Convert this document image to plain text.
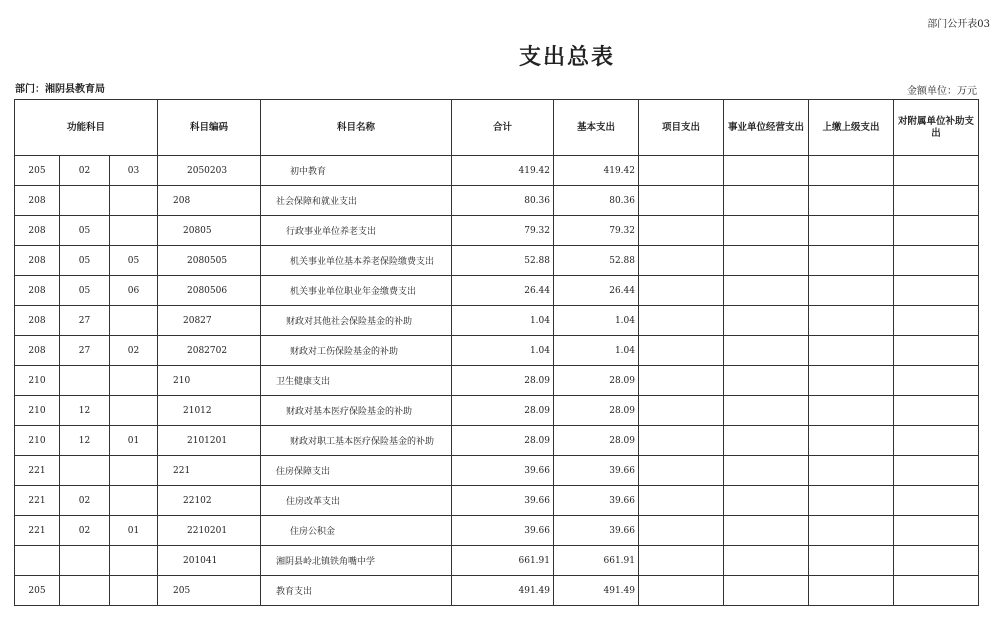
部门公开表03
支出总表
部门：湘阴县教育局	金额单位：万元
功能科目			科目编码	科目名称	合计	基本支出	项目支出	事业单位经营支出	上缴上级支出	对附属单位补助支出
205	02	03	2050203	初中教育	419.42	419.42				
208			208	社会保障和就业支出	80.36	80.36				
208	05		20805	行政事业单位养老支出	79.32	79.32				
208	05	05	2080505	机关事业单位基本养老保险缴费支出	52.88	52.88				
208	05	06	2080506	机关事业单位职业年金缴费支出	26.44	26.44				
208	27		20827	财政对其他社会保险基金的补助	1.04	1.04				
208	27	02	2082702	财政对工伤保险基金的补助	1.04	1.04				
210			210	卫生健康支出	28.09	28.09				
210	12		21012	财政对基本医疗保险基金的补助	28.09	28.09				
210	12	01	2101201	财政对职工基本医疗保险基金的补助	28.09	28.09				
221			221	住房保障支出	39.66	39.66				
221	02		22102	住房改革支出	39.66	39.66				
221	02	01	2210201	住房公积金	39.66	39.66				
			201041	湘阴县岭北镇铁角嘴中学	661.91	661.91				
205			205	教育支出	491.49	491.49				
